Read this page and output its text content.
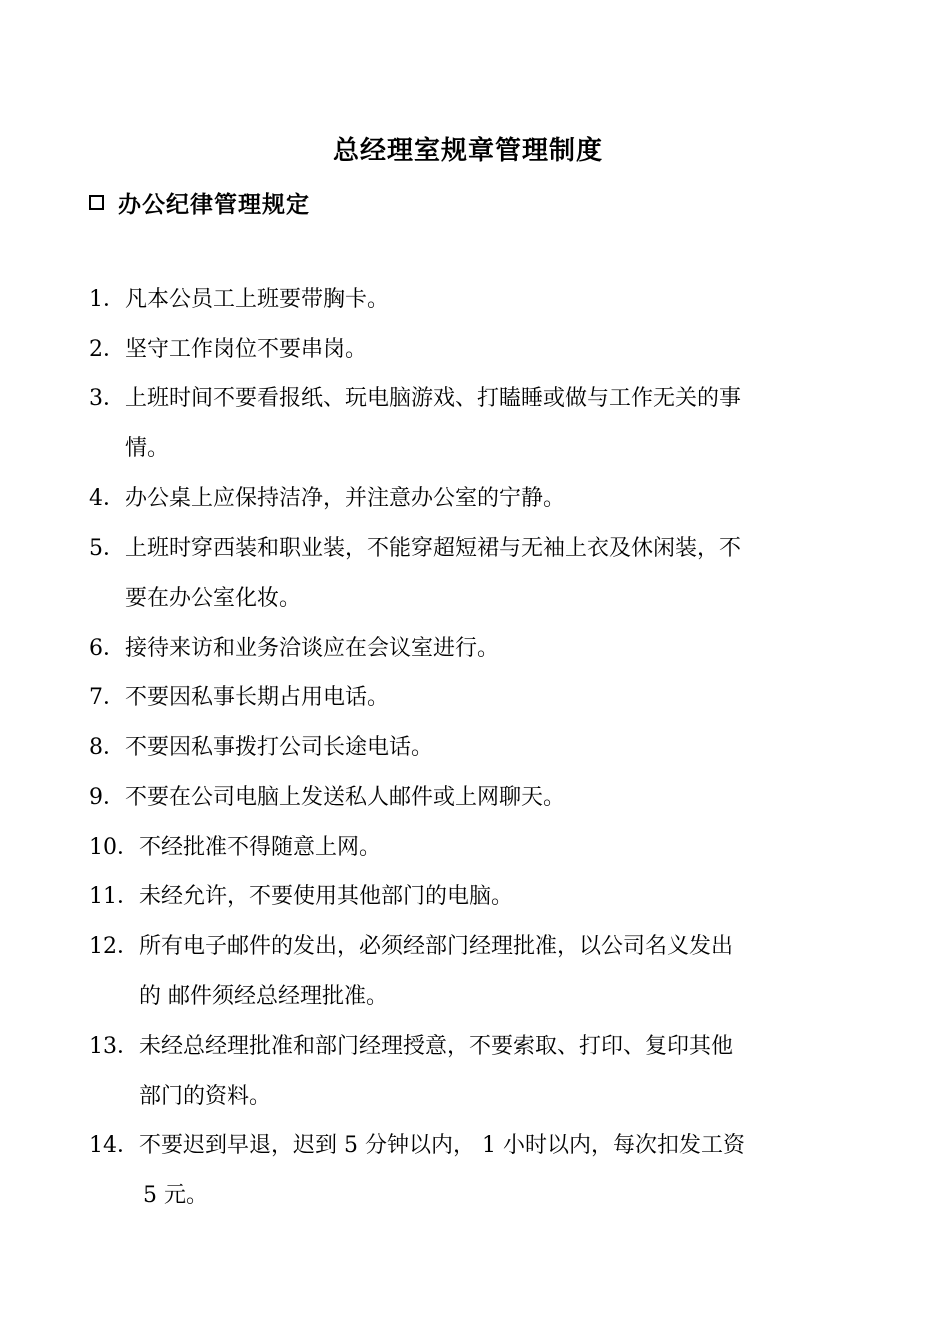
总经理室规章管理制度
办公纪律管理规定
1．凡本公员工上班要带胸卡。
2．坚守工作岗位不要串岗。
3．上班时间不要看报纸、玩电脑游戏、打瞌睡或做与工作无关的事
情。
4．办公桌上应保持洁净，并注意办公室的宁静。
5．上班时穿西装和职业装，不能穿超短裙与无袖上衣及休闲装，不
要在办公室化妆。
6．接待来访和业务洽谈应在会议室进行。
7．不要因私事长期占用电话。
8．不要因私事拨打公司长途电话。
9．不要在公司电脑上发送私人邮件或上网聊天。
10．不经批准不得随意上网。
11．未经允许，不要使用其他部门的电脑。
12．所有电子邮件的发出，必须经部门经理批准，以公司名义发出
的 邮件须经总经理批准。
13．未经总经理批准和部门经理授意，不要索取、打印、复印其他
部门的资料。
14．不要迟到早退，迟到 5 分钟以内， 1 小时以内，每次扣发工资
5 元。
